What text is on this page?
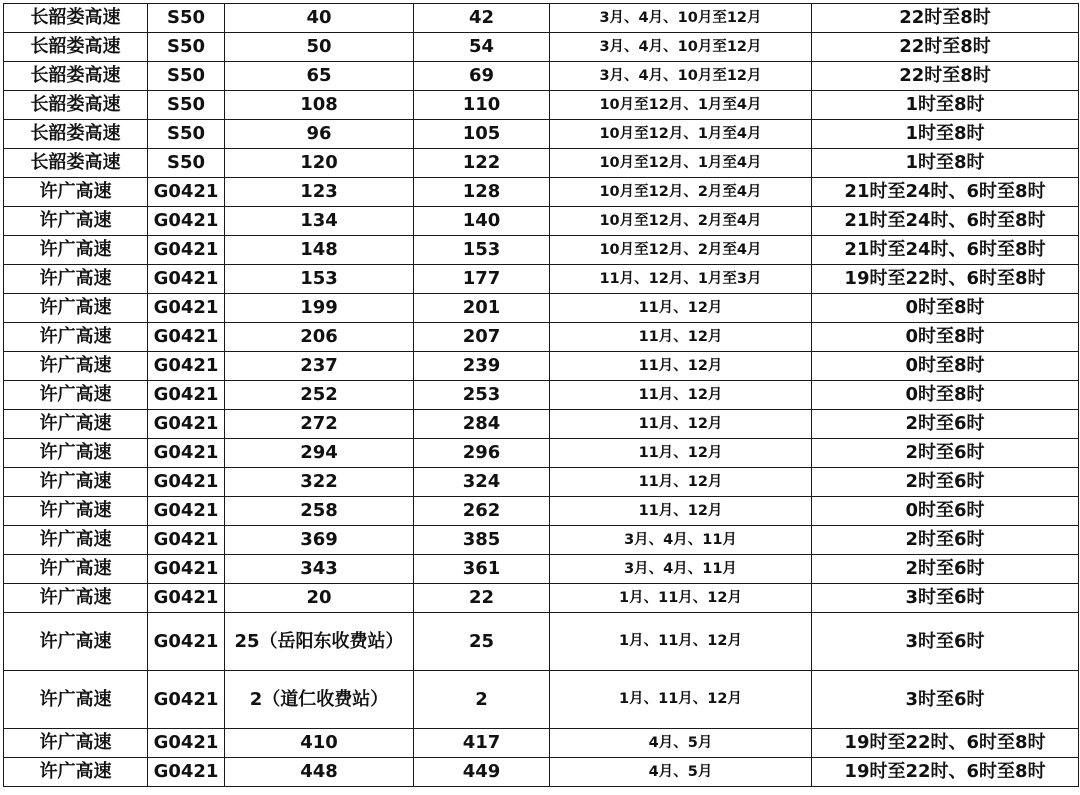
长韶娄高速	S50	40	42	3月、4月、10月至12月	22时至8时
长韶娄高速	S50	50	54	3月、4月、10月至12月	22时至8时
长韶娄高速	S50	65	69	3月、4月、10月至12月	22时至8时
长韶娄高速	S50	108	110	10月至12月、1月至4月	1时至8时
长韶娄高速	S50	96	105	10月至12月、1月至4月	1时至8时
长韶娄高速	S50	120	122	10月至12月、1月至4月	1时至8时
许广高速	G0421	123	128	10月至12月、2月至4月	21时至24时、6时至8时
许广高速	G0421	134	140	10月至12月、2月至4月	21时至24时、6时至8时
许广高速	G0421	148	153	10月至12月、2月至4月	21时至24时、6时至8时
许广高速	G0421	153	177	11月、12月、1月至3月	19时至22时、6时至8时
许广高速	G0421	199	201	11月、12月	0时至8时
许广高速	G0421	206	207	11月、12月	0时至8时
许广高速	G0421	237	239	11月、12月	0时至8时
许广高速	G0421	252	253	11月、12月	0时至8时
许广高速	G0421	272	284	11月、12月	2时至6时
许广高速	G0421	294	296	11月、12月	2时至6时
许广高速	G0421	322	324	11月、12月	2时至6时
许广高速	G0421	258	262	11月、12月	0时至6时
许广高速	G0421	369	385	3月、4月、11月	2时至6时
许广高速	G0421	343	361	3月、4月、11月	2时至6时
许广高速	G0421	20	22	1月、11月、12月	3时至6时
许广高速	G0421	25（岳阳东收费站）	25	1月、11月、12月	3时至6时
许广高速	G0421	2（道仁收费站）	2	1月、11月、12月	3时至6时
许广高速	G0421	410	417	4月、5月	19时至22时、6时至8时
许广高速	G0421	448	449	4月、5月	19时至22时、6时至8时
